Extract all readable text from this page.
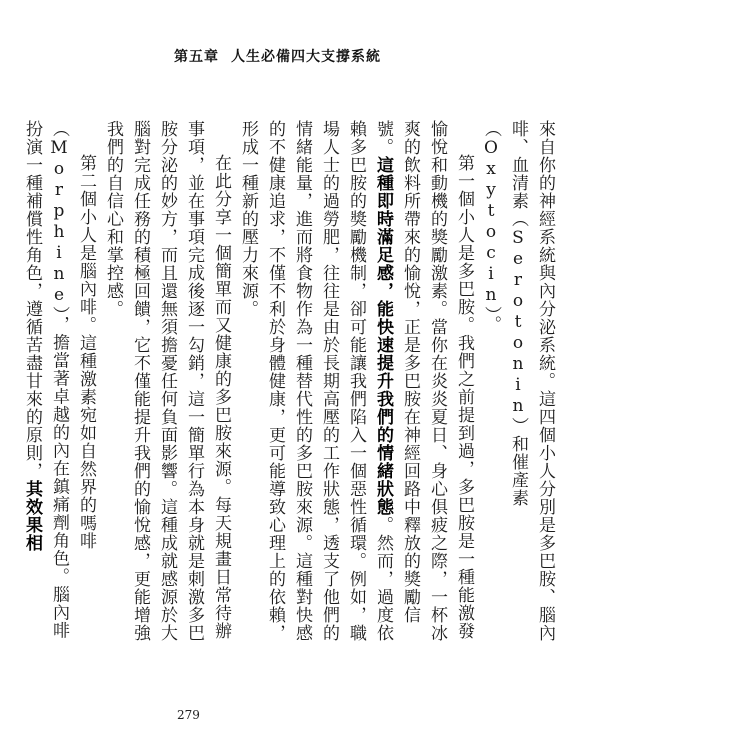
第五章 人生必備四大支撐系統

來自你的神經系統與內分泌系統。這四個小人分別是多巴胺、腦內啡、血清素（Serotonin）和催產素（Oxytocin）。

第一個小人是多巴胺。我們之前提到過，多巴胺是一種能激發愉悅和動機的獎勵激素。當你在炎炎夏日、身心俱疲之際，一杯冰爽的飲料所帶來的愉悅，正是多巴胺在神經回路中釋放的獎勵信號。這種即時滿足感，能快速提升我們的情緒狀態。然而，過度依賴多巴胺的獎勵機制，卻可能讓我們陷入一個惡性循環。例如，職場人士的過勞肥，往往是由於長期高壓的工作狀態，透支了他們的情緒能量，進而將食物作為一種替代性的多巴胺來源。這種對快感的不健康追求，不僅不利於身體健康，更可能導致心理上的依賴，形成一種新的壓力來源。

在此分享一個簡單而又健康的多巴胺來源。每天規畫日常待辦事項，並在事項完成後逐一勾銷，這一簡單行為本身就是刺激多巴胺分泌的妙方，而且還無須擔憂任何負面影響。這種成就感源於大腦對完成任務的積極回饋，它不僅能提升我們的愉悅感，更能增強我們的自信心和掌控感。

第二個小人是腦內啡。這種激素宛如自然界的嗎啡（Morphine），擔當著卓越的內在鎮痛劑角色。腦內啡扮演一種補償性角色，遵循苦盡甘來的原則，其效果相

279
